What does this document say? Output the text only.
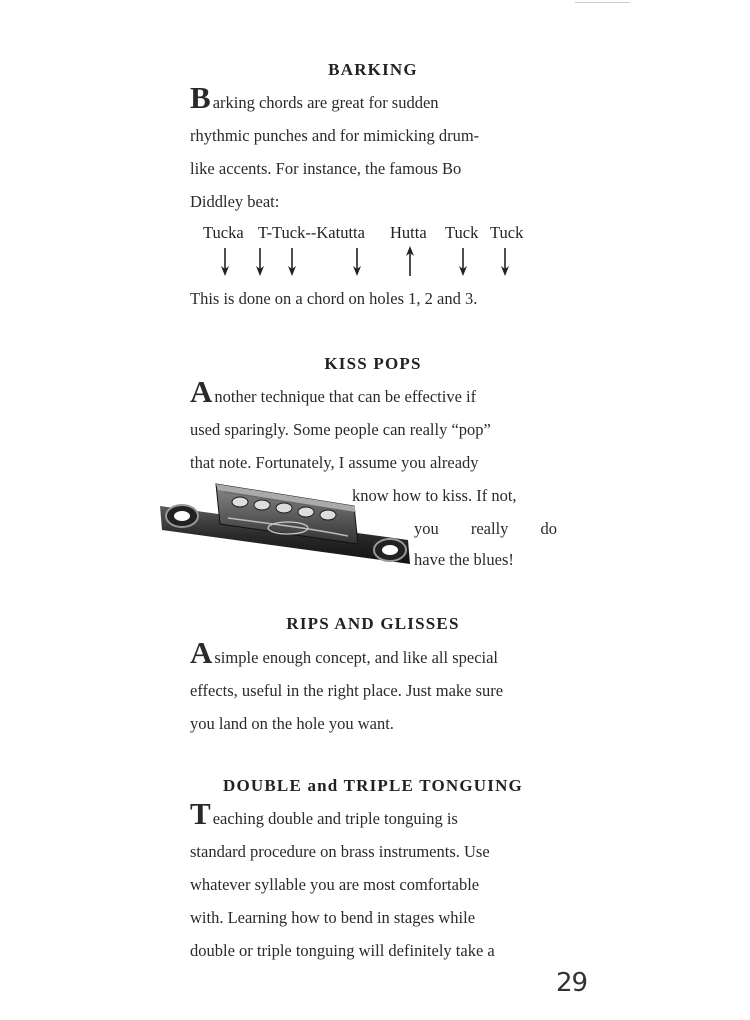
BARKING

Barking chords are great for sudden
rhythmic punches and for mimicking drum-
like accents. For instance, the famous Bo
Diddley beat:

Tucka T-Tuck--Katutta Hutta Tuck Tuck

This is done on a chord on holes 1, 2 and 3.

KISS POPS

Another technique that can be effective if
used sparingly. Some people can really “pop”
that note. Fortunately, I assume you already

know how to kiss. If not,

you really do

have the blues!

RIPS AND GLISSES

Asimple enough concept, and like all special
effects, useful in the right place. Just make sure
you land on the hole you want.

DOUBLE and TRIPLE TONGUING

Teaching double and triple tonguing is
standard procedure on brass instruments. Use
whatever syllable you are most comfortable
with. Learning how to bend in stages while
double or triple tonguing will definitely take a

29
